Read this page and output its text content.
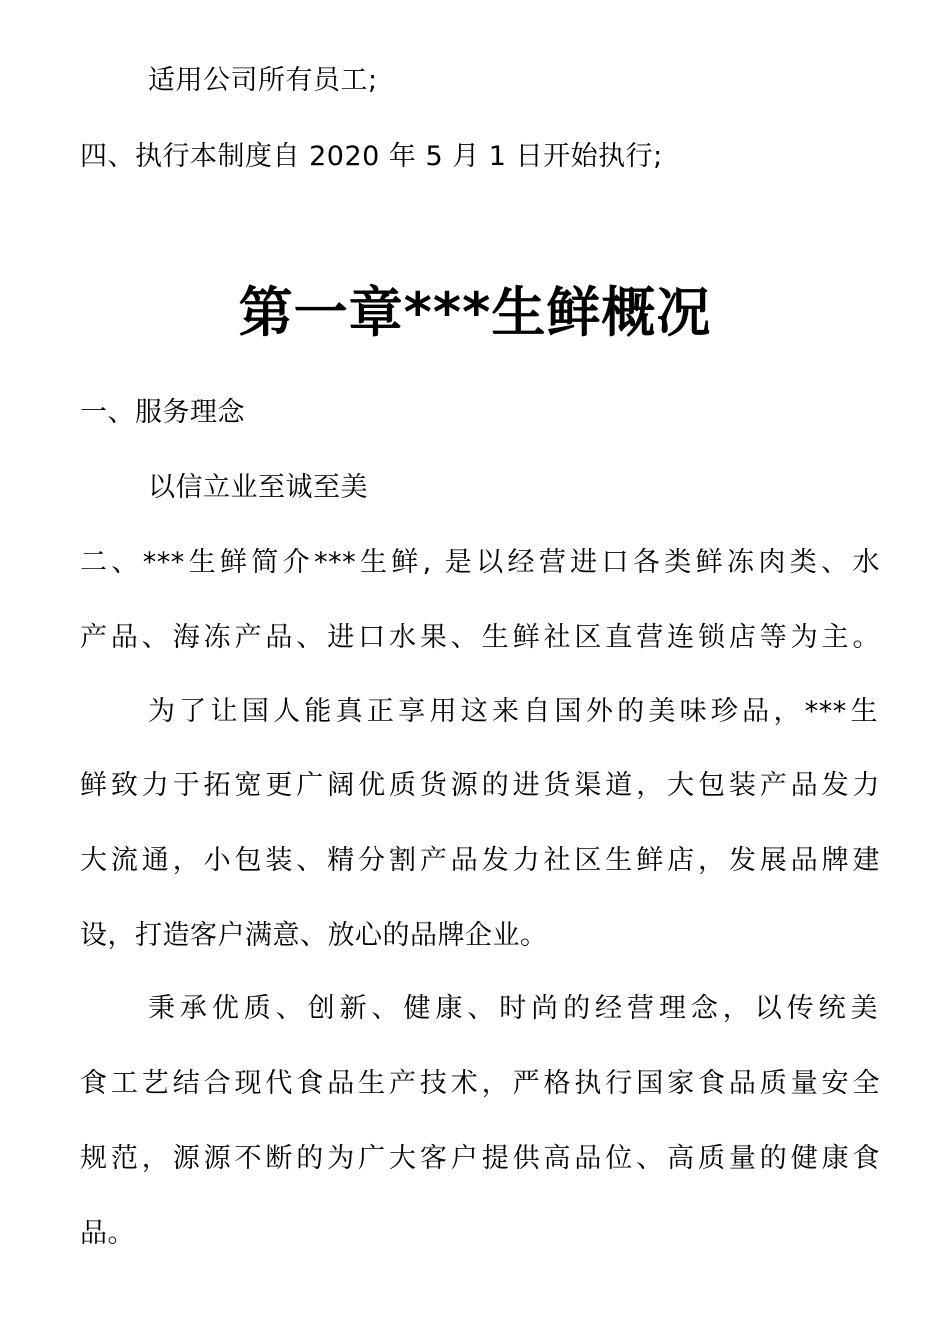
适用公司所有员工;
四、执行本制度自 2020 年 5 月 1 日开始执行;
第一章***生鲜概况
一、服务理念
以信立业至诚至美
二、***生鲜简介***生鲜, 是以经营进口各类鲜冻肉类、水
产品、海冻产品、进口水果、生鲜社区直营连锁店等为主。
为了让国人能真正享用这来自国外的美味珍品，***生
鲜致力于拓宽更广阔优质货源的进货渠道，大包装产品发力
大流通，小包装、精分割产品发力社区生鲜店，发展品牌建
设，打造客户满意、放心的品牌企业。
秉承优质、创新、健康、时尚的经营理念，以传统美
食工艺结合现代食品生产技术，严格执行国家食品质量安全
规范，源源不断的为广大客户提供高品位、高质量的健康食
品。
